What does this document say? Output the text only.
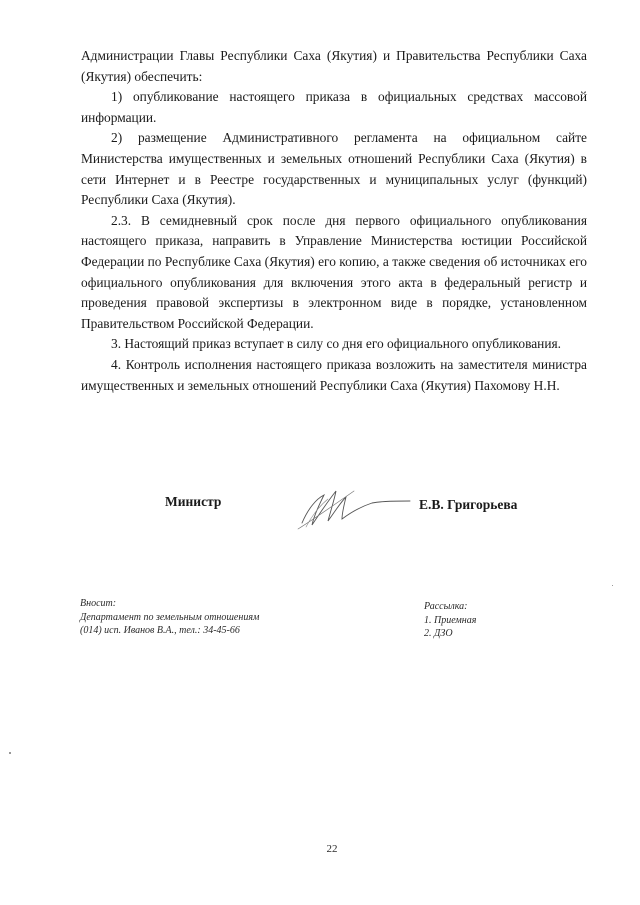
Администрации Главы Республики Саха (Якутия) и Правительства Республики Саха (Якутия) обеспечить:

1) опубликование настоящего приказа в официальных средствах массовой информации.

2) размещение Административного регламента на официальном сайте Министерства имущественных и земельных отношений Республики Саха (Якутия) в сети Интернет и в Реестре государственных и муниципальных услуг (функций) Республики Саха (Якутия).

2.3. В семидневный срок после дня первого официального опубликования настоящего приказа, направить в Управление Министерства юстиции Российской Федерации по Республике Саха (Якутия) его копию, а также сведения об источниках его официального опубликования для включения этого акта в федеральный регистр и проведения правовой экспертизы в электронном виде в порядке, установленном Правительством Российской Федерации.

3. Настоящий приказ вступает в силу со дня его официального опубликования.

4. Контроль исполнения настоящего приказа возложить на заместителя министра имущественных и земельных отношений Республики Саха (Якутия) Пахомову Н.Н.

Министр	Е.В. Григорьева
Вносит:
Департамент по земельным отношениям
(014) исп. Иванов В.А., тел.: 34-45-66
Рассылка:
1. Приемная
2. ДЗО
22
